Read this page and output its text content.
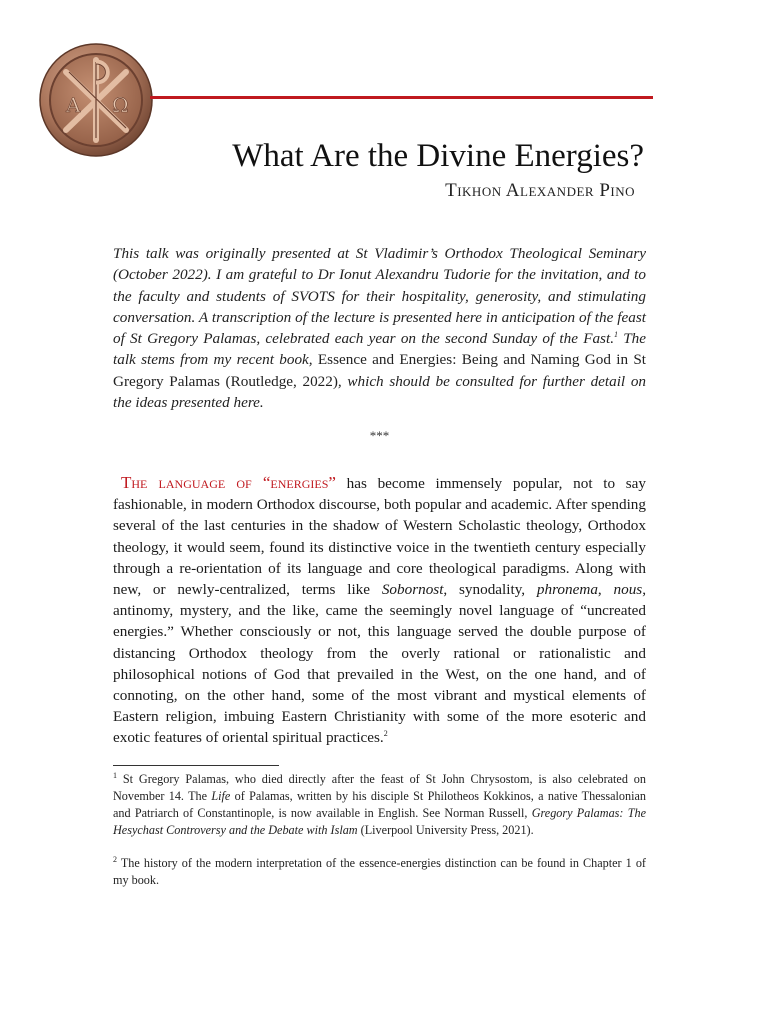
Α Ω
What Are the Divine Energies?
Tikhon Alexander Pino
This talk was originally presented at St Vladimir’s Orthodox Theological Seminary (October 2022). I am grateful to Dr Ionut Alexandru Tudorie for the invitation, and to the faculty and students of SVOTS for their hospitality, generosity, and stimulating conversation. A transcription of the lecture is presented here in anticipation of the feast of St Gregory Palamas, celebrated each year on the second Sunday of the Fast.$^1$ The talk stems from my recent book, Essence and Energies: Being and Naming God in St Gregory Palamas (Routledge, 2022), which should be consulted for further detail on the ideas presented here.
***
The language of “energies” has become immensely popular, not to say fashionable, in modern Orthodox discourse, both popular and academic. After spending several of the last centuries in the shadow of Western Scholastic theology, Orthodox theology, it would seem, found its distinctive voice in the twentieth century especially through a re-orientation of its language and core theological paradigms. Along with new, or newly-centralized, terms like Sobornost, synodality, phronema, nous, antinomy, mystery, and the like, came the seemingly novel language of “uncreated energies.” Whether consciously or not, this language served the double purpose of distancing Orthodox theology from the overly rational or rationalistic and philosophical notions of God that prevailed in the West, on the one hand, and of connoting, on the other hand, some of the most vibrant and mystical elements of Eastern religion, imbuing Eastern Christianity with some of the more esoteric and exotic features of oriental spiritual practices.$^2$

$^1$ St Gregory Palamas, who died directly after the feast of St John Chrysostom, is also celebrated on November 14. The Life of Palamas, written by his disciple St Philotheos Kokkinos, a native Thessalonian and Patriarch of Constantinople, is now available in English. See Norman Russell, Gregory Palamas: The Hesychast Controversy and the Debate with Islam (Liverpool University Press, 2021).

$^2$ The history of the modern interpretation of the essence-energies distinction can be found in Chapter 1 of my book.
